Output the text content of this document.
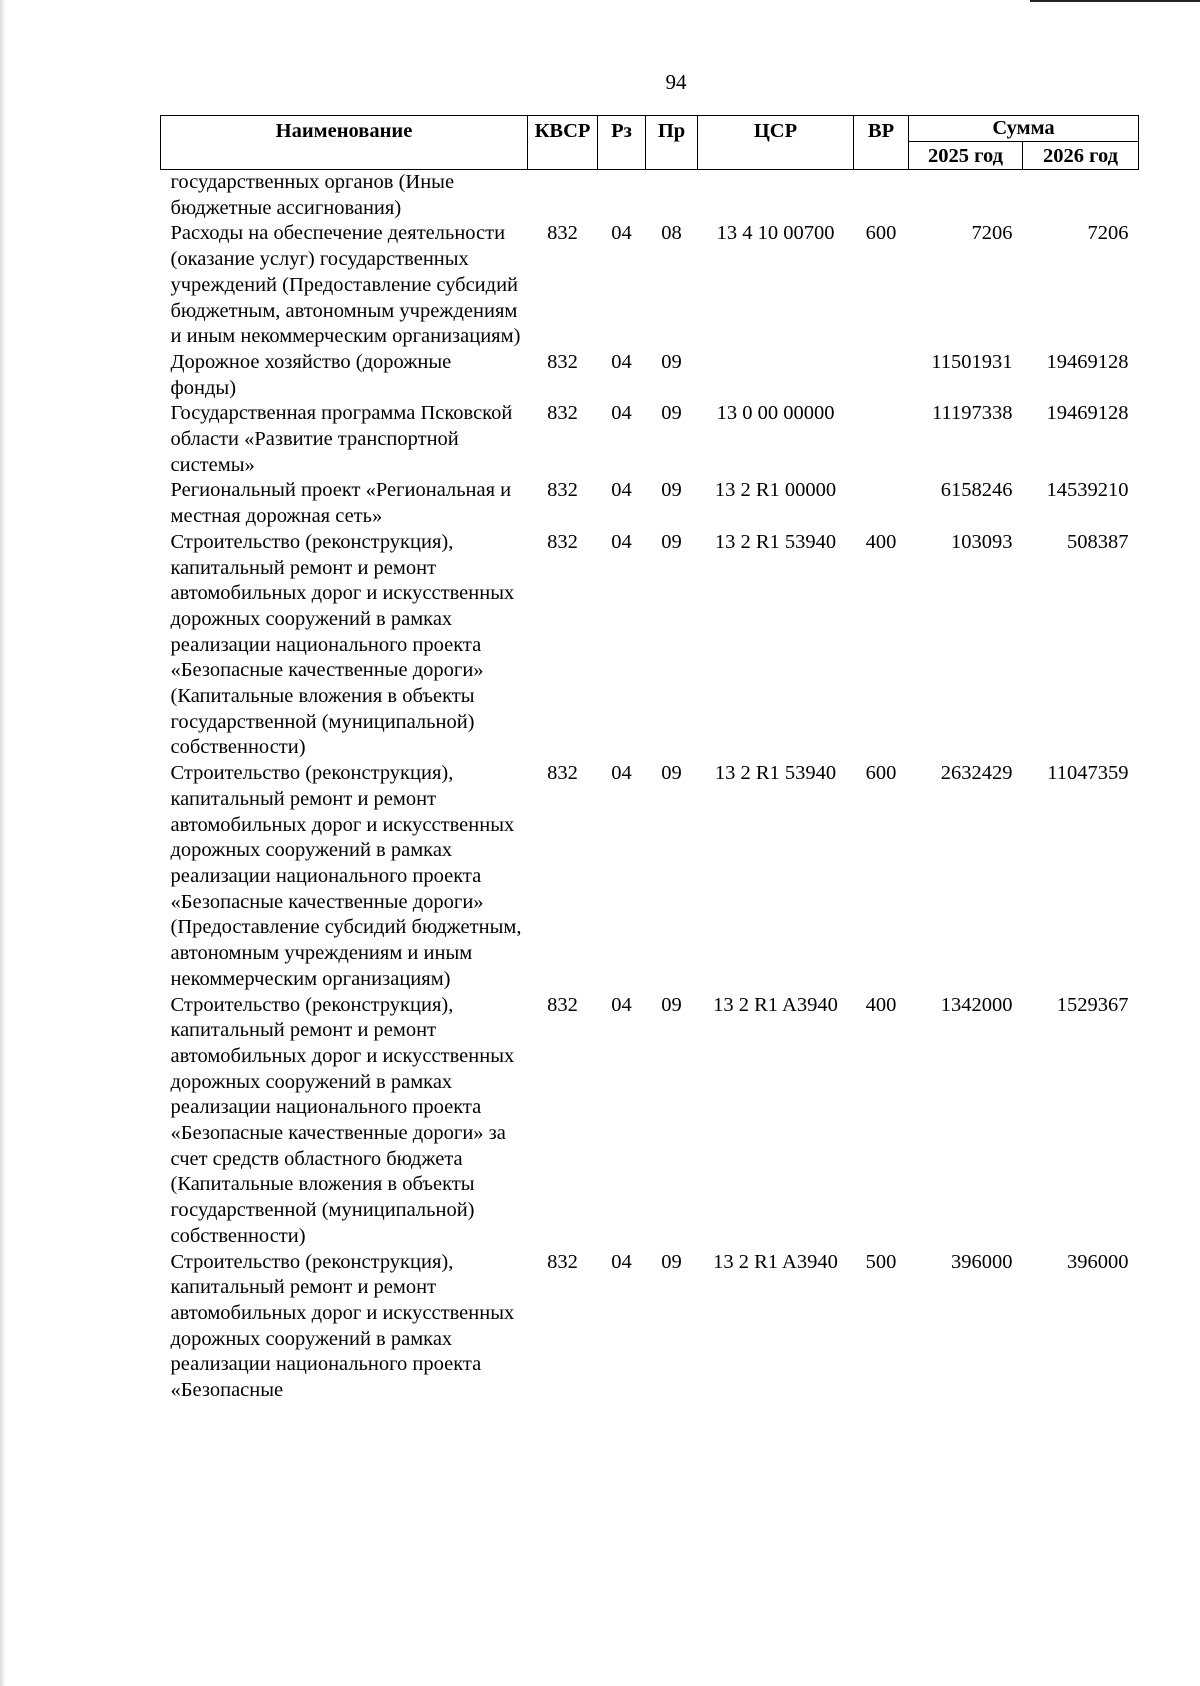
94
Наименование	КВСР	Рз	Пр	ЦСР	ВР	Сумма	
						2025 год	2026 год
государственных органов (Иные бюджетные ассигнования)							
Расходы на обеспечение деятельности (оказание услуг) государственных учреждений (Предоставление субсидий бюджетным, автономным учреждениям и иным некоммерческим организациям)	832	04	08	13 4 10 00700	600	7206	7206
Дорожное хозяйство (дорожные фонды)	832	04	09			11501931	19469128
Государственная программа Псковской области «Развитие транспортной системы»	832	04	09	13 0 00 00000		11197338	19469128
Региональный проект «Региональная и местная дорожная сеть»	832	04	09	13 2 R1 00000		6158246	14539210
Строительство (реконструкция), капитальный ремонт и ремонт автомобильных дорог и искусственных дорожных сооружений в рамках реализации национального проекта «Безопасные качественные дороги» (Капитальные вложения в объекты государственной (муниципальной) собственности)	832	04	09	13 2 R1 53940	400	103093	508387
Строительство (реконструкция), капитальный ремонт и ремонт автомобильных дорог и искусственных дорожных сооружений в рамках реализации национального проекта «Безопасные качественные дороги» (Предоставление субсидий бюджетным, автономным учреждениям и иным некоммерческим организациям)	832	04	09	13 2 R1 53940	600	2632429	11047359
Строительство (реконструкция), капитальный ремонт и ремонт автомобильных дорог и искусственных дорожных сооружений в рамках реализации национального проекта «Безопасные качественные дороги» за счет средств областного бюджета (Капитальные вложения в объекты государственной (муниципальной) собственности)	832	04	09	13 2 R1 A3940	400	1342000	1529367
Строительство (реконструкция), капитальный ремонт и ремонт автомобильных дорог и искусственных дорожных сооружений в рамках реализации национального проекта «Безопасные	832	04	09	13 2 R1 A3940	500	396000	396000
